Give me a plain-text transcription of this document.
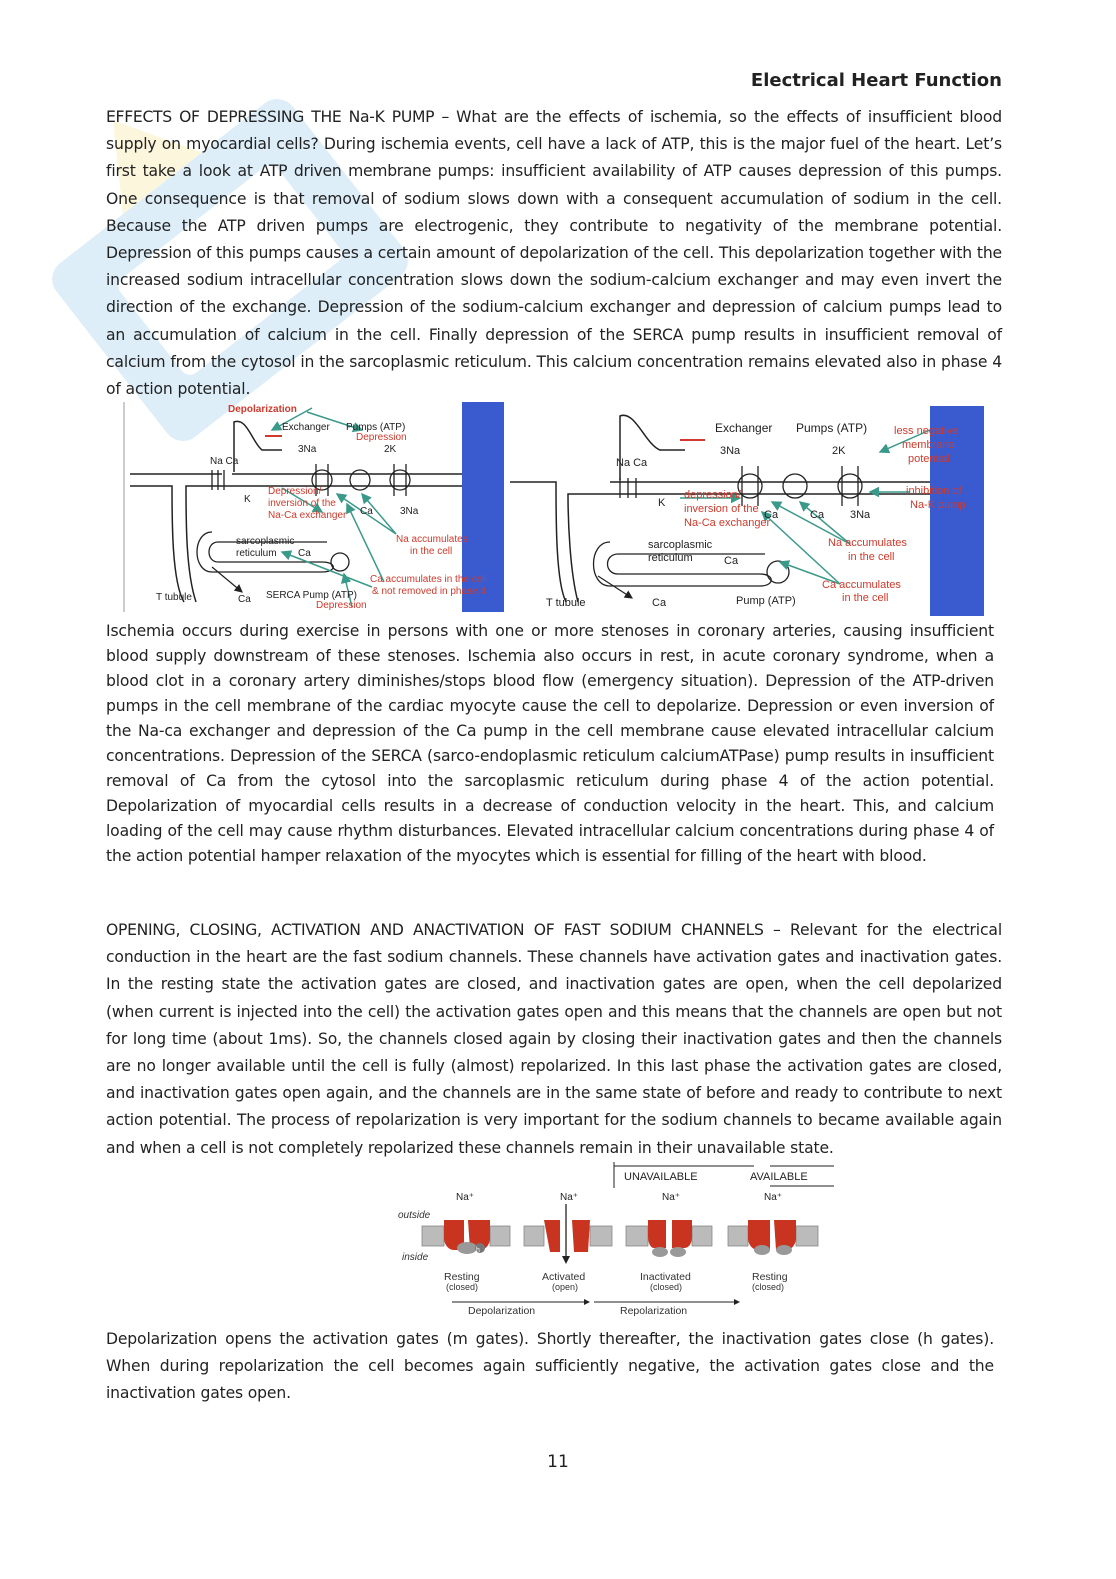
Electrical Heart Function
EFFECTS OF DEPRESSING THE Na-K PUMP – What are the effects of ischemia, so the effects of insufficient blood supply on myocardial cells? During ischemia events, cell have a lack of ATP, this is the major fuel of the heart. Let’s first take a look at ATP driven membrane pumps: insufficient availability of ATP causes depression of this pumps. One consequence is that removal of sodium slows down with a consequent accumulation of sodium in the cell. Because the ATP driven pumps are electrogenic, they contribute to negativity of the membrane potential. Depression of this pumps causes a certain amount of depolarization of the cell. This depolarization together with the increased sodium intracellular concentration slows down the sodium-calcium exchanger and may even invert the direction of the exchange. Depression of the sodium-calcium exchanger and depression of calcium pumps lead to an accumulation of calcium in the cell. Finally depression of the SERCA pump results in insufficient removal of calcium from the cytosol in the sarcoplasmic reticulum. This calcium concentration remains elevated also in phase 4 of action potential.
Depolarization
Exchanger Pumps (ATP)
Depression
3Na	2K
Na Ca
K
Depression/
inversion of the
Na-Ca exchanger Ca	3Na
Na accumulates
in the cell
sarcoplasmic
reticulum Ca
Ca accumulates in the cell
& not removed in phase 4
T tubule	Ca SERCA Pump (ATP)
Depression
Exchanger Pumps (ATP)
3Na	2K
Na Ca
K
less negative
membrane
potential
inhibition of
Na-K pump
depression/
inversion of the
Na-Ca exchanger
Ca	Ca 3Na
sarcoplasmic
reticulum	Ca
Na accumulates
in the cell
Ca accumulates
in the cell
T tubule	Ca	Pump (ATP)
Ischemia occurs during exercise in persons with one or more stenoses in coronary arteries, causing insufficient blood supply downstream of these stenoses. Ischemia also occurs in rest, in acute coronary syndrome, when a blood clot in a coronary artery diminishes/stops blood flow (emergency situation). Depression of the ATP-driven pumps in the cell membrane of the cardiac myocyte cause the cell to depolarize. Depression or even inversion of the Na-ca exchanger and depression of the Ca pump in the cell membrane cause elevated intracellular calcium concentrations. Depression of the SERCA (sarco-endoplasmic reticulum calciumATPase) pump results in insufficient removal of Ca from the cytosol into the sarcoplasmic reticulum during phase 4 of the action potential. Depolarization of myocardial cells results in a decrease of conduction velocity in the heart. This, and calcium loading of the cell may cause rhythm disturbances. Elevated intracellular calcium concentrations during phase 4 of the action potential hamper relaxation of the myocytes which is essential for filling of the heart with blood.
OPENING, CLOSING, ACTIVATION AND ANACTIVATION OF FAST SODIUM CHANNELS – Relevant for the electrical conduction in the heart are the fast sodium channels. These channels have activation gates and inactivation gates. In the resting state the activation gates are closed, and inactivation gates are open, when the cell depolarized (when current is injected into the cell) the activation gates open and this means that the channels are open but not for long time (about 1ms). So, the channels closed again by closing their inactivation gates and then the channels are no longer available until the cell is fully (almost) repolarized. In this last phase the activation gates are closed, and inactivation gates open again, and the channels are in the same state of before and ready to contribute to next action potential. The process of repolarization is very important for the sodium channels to became available again and when a cell is not completely repolarized these channels remain in their unavailable state.
UNAVAILABLE	AVAILABLE
outside
inside
Na⁺
h
Na⁺	Na⁺	Na⁺
Resting
(closed)
Activated
(open)
Inactivated
(closed)
Resting
(closed)
Depolarization	Repolarization
Depolarization opens the activation gates (m gates). Shortly thereafter, the inactivation gates close (h gates). When during repolarization the cell becomes again sufficiently negative, the activation gates close and the inactivation gates open.
11
